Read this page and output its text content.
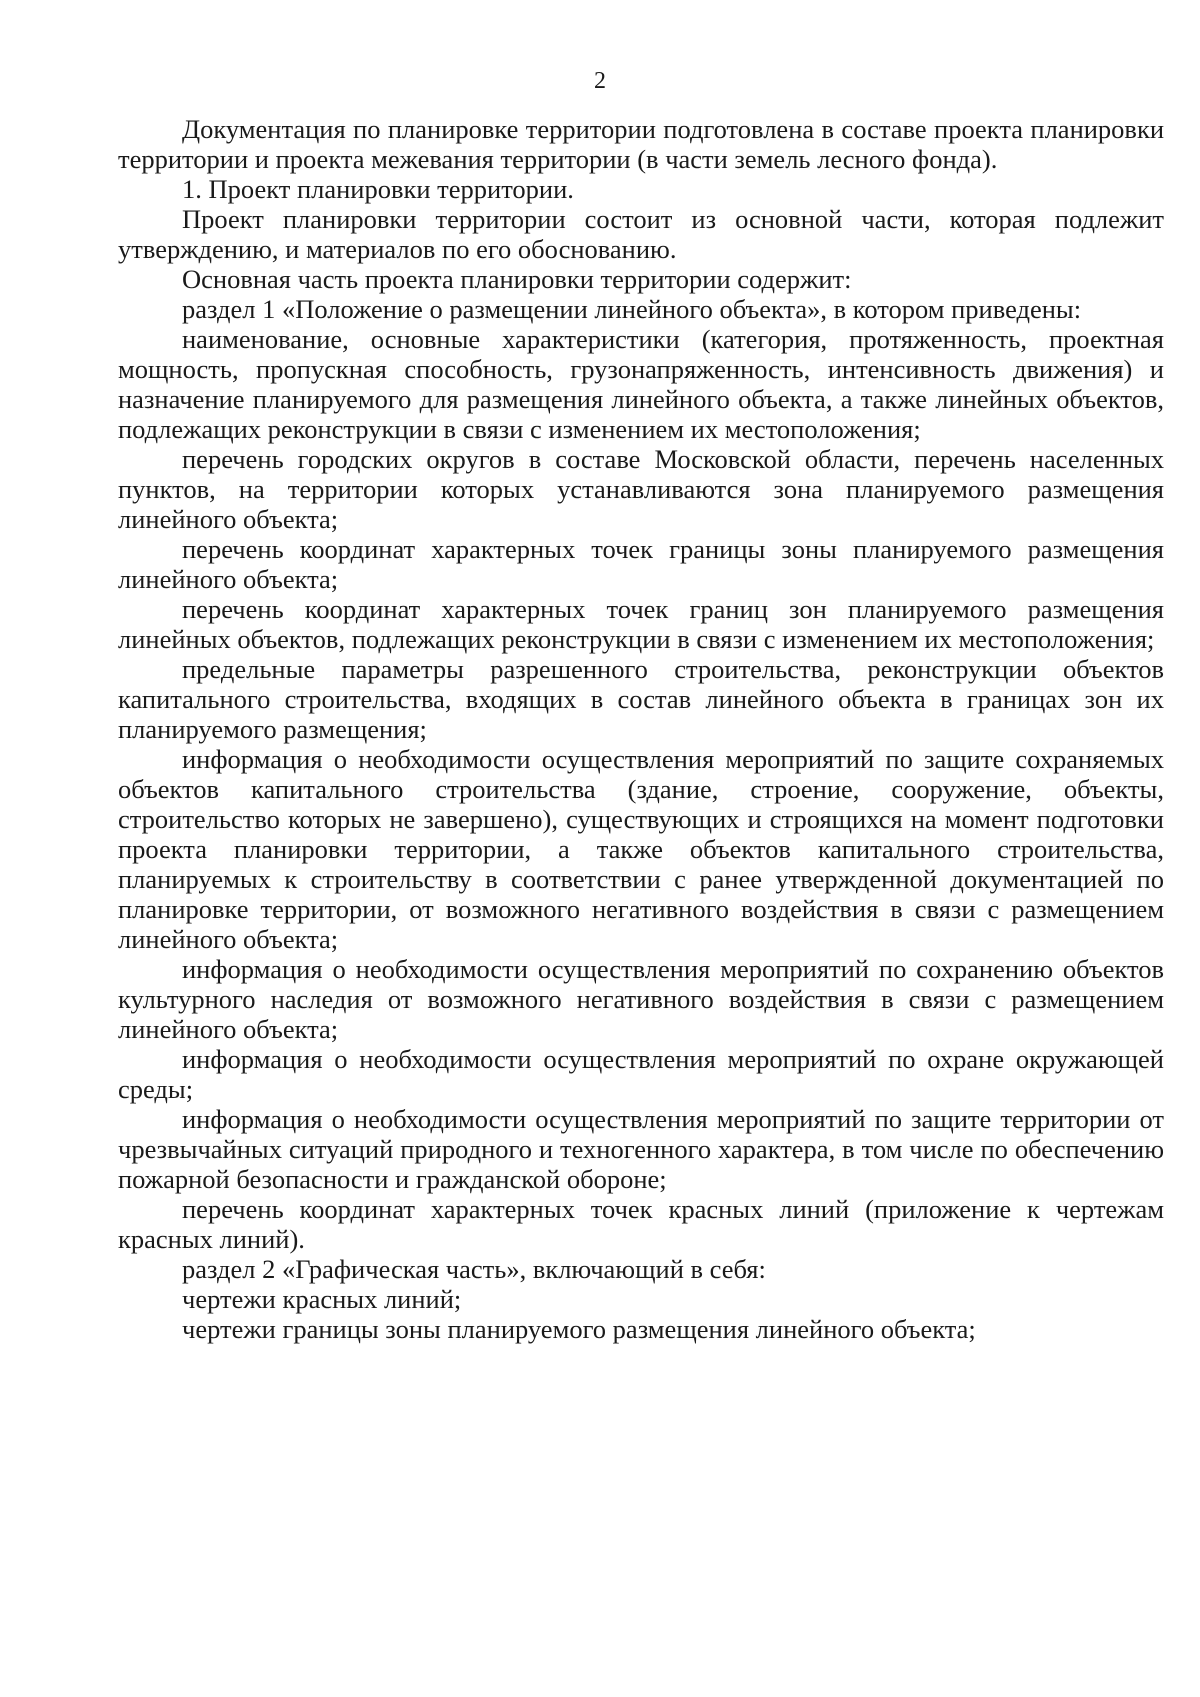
2

Документация по планировке территории подготовлена в составе проекта планировки территории и проекта межевания территории (в части земель лесного фонда).

1. Проект планировки территории.

Проект планировки территории состоит из основной части, которая подлежит утверждению, и материалов по его обоснованию.

Основная часть проекта планировки территории содержит:

раздел 1 «Положение о размещении линейного объекта», в котором приведены:

наименование, основные характеристики (категория, протяженность, проектная мощность, пропускная способность, грузонапряженность, интенсивность движения) и назначение планируемого для размещения линейного объекта, а также линейных объектов, подлежащих реконструкции в связи с изменением их местоположения;

перечень городских округов в составе Московской области, перечень населенных пунктов, на территории которых устанавливаются зона планируемого размещения линейного объекта;

перечень координат характерных точек границы зоны планируемого размещения линейного объекта;

перечень координат характерных точек границ зон планируемого размещения линейных объектов, подлежащих реконструкции в связи с изменением их местоположения;

предельные параметры разрешенного строительства, реконструкции объектов капитального строительства, входящих в состав линейного объекта в границах зон их планируемого размещения;

информация о необходимости осуществления мероприятий по защите сохраняемых объектов капитального строительства (здание, строение, сооружение, объекты, строительство которых не завершено), существующих и строящихся на момент подготовки проекта планировки территории, а также объектов капитального строительства, планируемых к строительству в соответствии с ранее утвержденной документацией по планировке территории, от возможного негативного воздействия в связи с размещением линейного объекта;

информация о необходимости осуществления мероприятий по сохранению объектов культурного наследия от возможного негативного воздействия в связи с размещением линейного объекта;

информация о необходимости осуществления мероприятий по охране окружающей среды;

информация о необходимости осуществления мероприятий по защите территории от чрезвычайных ситуаций природного и техногенного характера, в том числе по обеспечению пожарной безопасности и гражданской обороне;

перечень координат характерных точек красных линий (приложение к чертежам красных линий).

раздел 2 «Графическая часть», включающий в себя:

чертежи красных линий;

чертежи границы зоны планируемого размещения линейного объекта;
